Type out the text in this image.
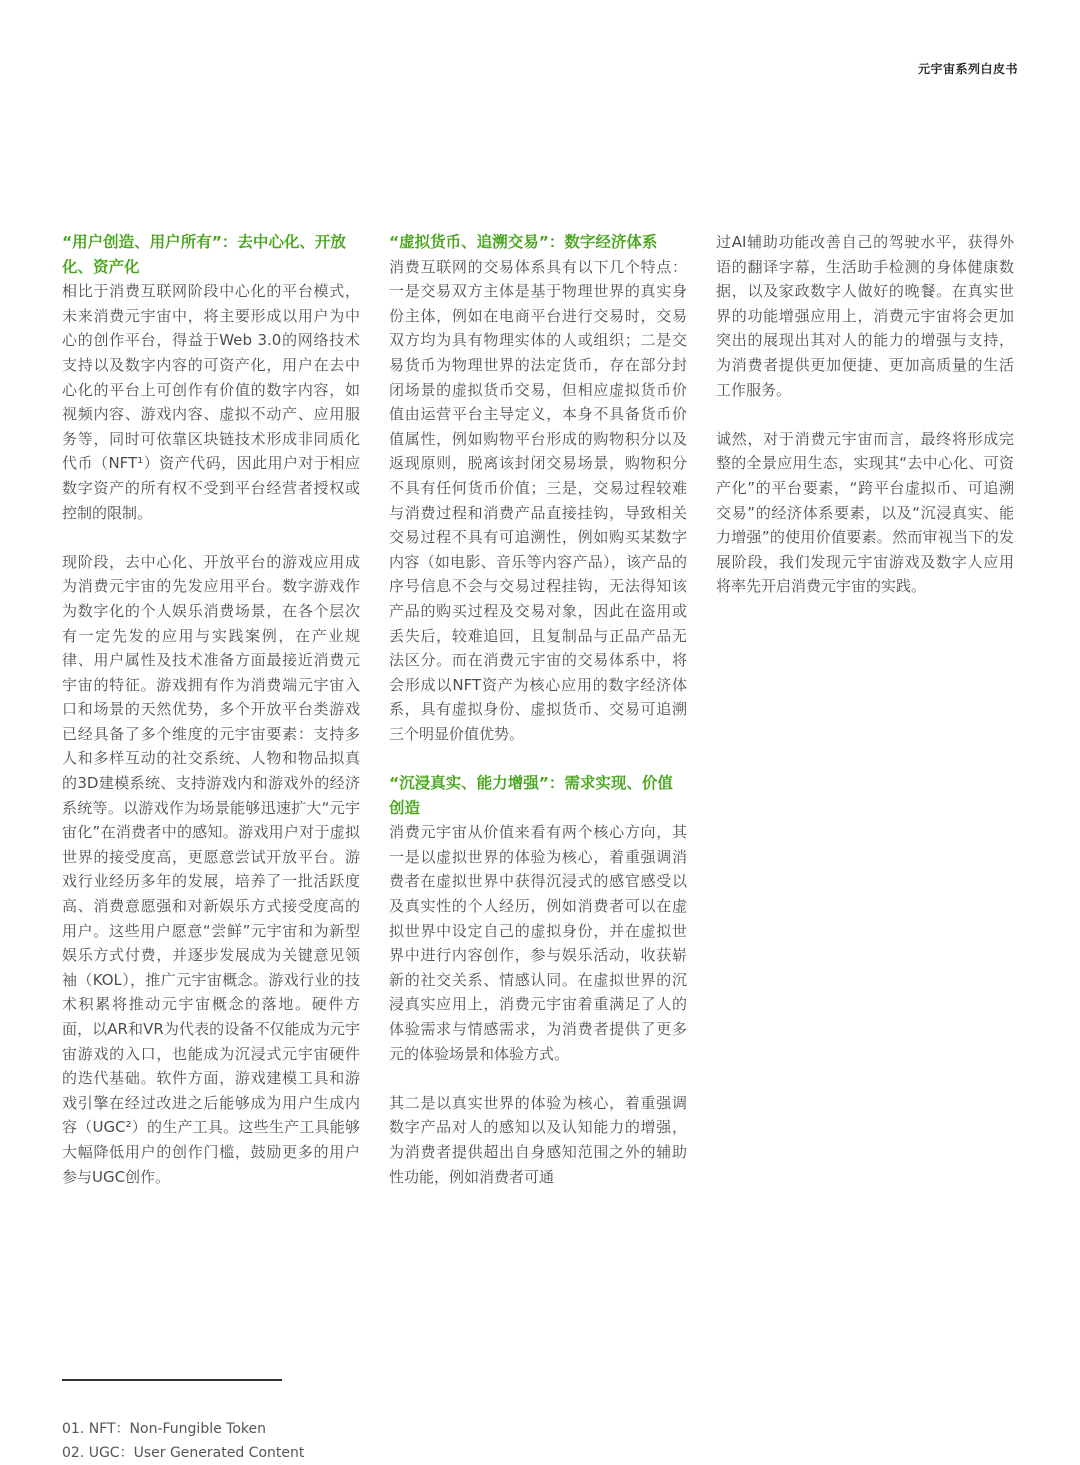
元宇宙系列白皮书

“用户创造、用户所有”：去中心化、开放化、资产化

相比于消费互联网阶段中心化的平台模式，未来消费元宇宙中，将主要形成以用户为中心的创作平台，得益于Web 3.0的网络技术支持以及数字内容的可资产化，用户在去中心化的平台上可创作有价值的数字内容，如视频内容、游戏内容、虚拟不动产、应用服务等，同时可依靠区块链技术形成非同质化代币（NFT¹）资产代码，因此用户对于相应数字资产的所有权不受到平台经营者授权或控制的限制。

现阶段，去中心化、开放平台的游戏应用成为消费元宇宙的先发应用平台。数字游戏作为数字化的个人娱乐消费场景，在各个层次有一定先发的应用与实践案例，在产业规律、用户属性及技术准备方面最接近消费元宇宙的特征。游戏拥有作为消费端元宇宙入口和场景的天然优势，多个开放平台类游戏已经具备了多个维度的元宇宙要素：支持多人和多样互动的社交系统、人物和物品拟真的3D建模系统、支持游戏内和游戏外的经济系统等。以游戏作为场景能够迅速扩大“元宇宙化”在消费者中的感知。游戏用户对于虚拟世界的接受度高，更愿意尝试开放平台。游戏行业经历多年的发展，培养了一批活跃度高、消费意愿强和对新娱乐方式接受度高的用户。这些用户愿意“尝鲜”元宇宙和为新型娱乐方式付费，并逐步发展成为关键意见领袖（KOL），推广元宇宙概念。游戏行业的技术积累将推动元宇宙概念的落地。硬件方面，以AR和VR为代表的设备不仅能成为元宇宙游戏的入口，也能成为沉浸式元宇宙硬件的迭代基础。软件方面，游戏建模工具和游戏引擎在经过改进之后能够成为用户生成内容（UGC²）的生产工具。这些生产工具能够大幅降低用户的创作门槛，鼓励更多的用户参与UGC创作。

“虚拟货币、追溯交易”：数字经济体系

消费互联网的交易体系具有以下几个特点：一是交易双方主体是基于物理世界的真实身份主体，例如在电商平台进行交易时，交易双方均为具有物理实体的人或组织；二是交易货币为物理世界的法定货币，存在部分封闭场景的虚拟货币交易，但相应虚拟货币价值由运营平台主导定义，本身不具备货币价值属性，例如购物平台形成的购物积分以及返现原则，脱离该封闭交易场景，购物积分不具有任何货币价值；三是，交易过程较难与消费过程和消费产品直接挂钩，导致相关交易过程不具有可追溯性，例如购买某数字内容（如电影、音乐等内容产品），该产品的序号信息不会与交易过程挂钩，无法得知该产品的购买过程及交易对象，因此在盗用或丢失后，较难追回，且复制品与正品产品无法区分。而在消费元宇宙的交易体系中，将会形成以NFT资产为核心应用的数字经济体系，具有虚拟身份、虚拟货币、交易可追溯三个明显价值优势。

“沉浸真实、能力增强”：需求实现、价值创造

消费元宇宙从价值来看有两个核心方向，其一是以虚拟世界的体验为核心，着重强调消费者在虚拟世界中获得沉浸式的感官感受以及真实性的个人经历，例如消费者可以在虚拟世界中设定自己的虚拟身份，并在虚拟世界中进行内容创作，参与娱乐活动，收获崭新的社交关系、情感认同。在虚拟世界的沉浸真实应用上，消费元宇宙着重满足了人的体验需求与情感需求，为消费者提供了更多元的体验场景和体验方式。

其二是以真实世界的体验为核心，着重强调数字产品对人的感知以及认知能力的增强，为消费者提供超出自身感知范围之外的辅助性功能，例如消费者可通

过AI辅助功能改善自己的驾驶水平，获得外语的翻译字幕，生活助手检测的身体健康数据，以及家政数字人做好的晚餐。在真实世界的功能增强应用上，消费元宇宙将会更加突出的展现出其对人的能力的增强与支持，为消费者提供更加便捷、更加高质量的生活工作服务。

诚然，对于消费元宇宙而言，最终将形成完整的全景应用生态，实现其“去中心化、可资产化”的平台要素，“跨平台虚拟币、可追溯交易”的经济体系要素，以及“沉浸真实、能力增强”的使用价值要素。然而审视当下的发展阶段，我们发现元宇宙游戏及数字人应用将率先开启消费元宇宙的实践。

01. NFT：Non-Fungible Token
02. UGC：User Generated Content
